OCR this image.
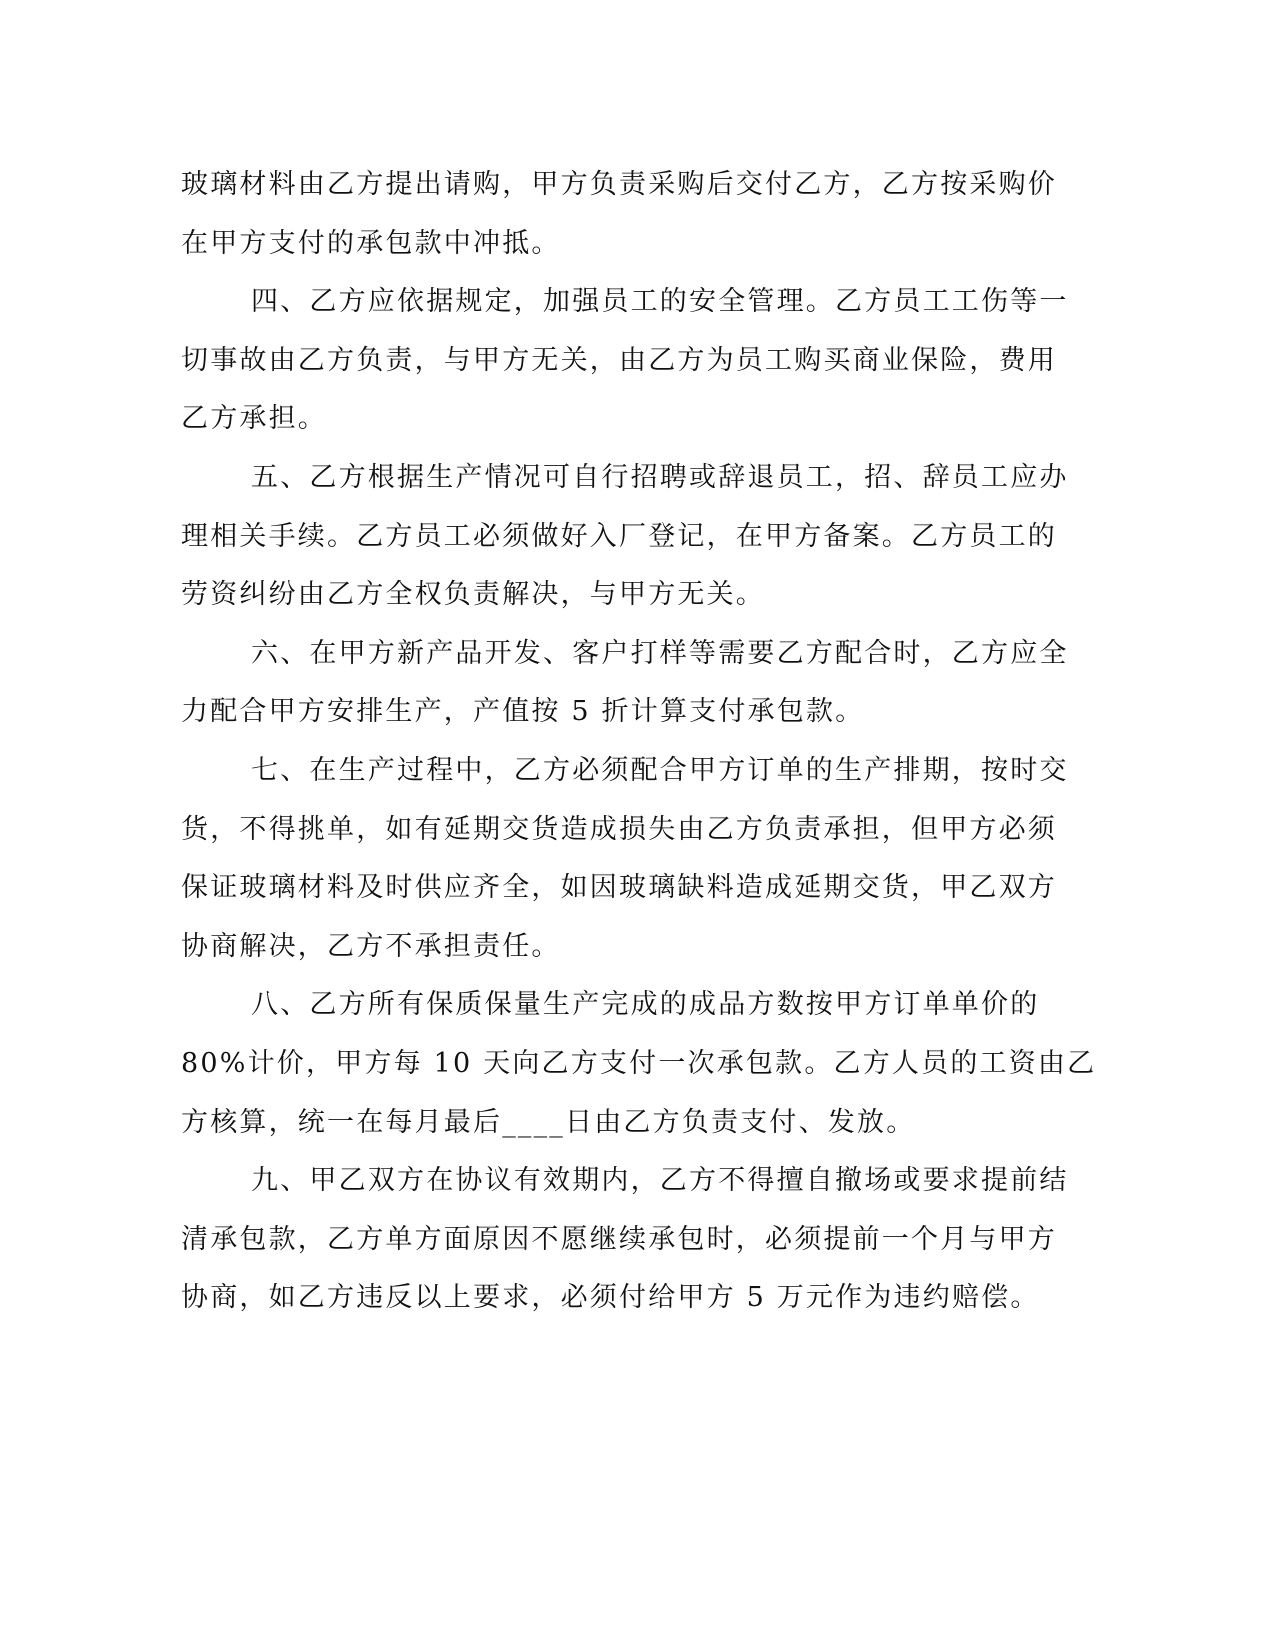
玻璃材料由乙方提出请购，甲方负责采购后交付乙方，乙方按采购价
在甲方支付的承包款中冲抵。
四、乙方应依据规定，加强员工的安全管理。乙方员工工伤等一
切事故由乙方负责，与甲方无关，由乙方为员工购买商业保险，费用
乙方承担。
五、乙方根据生产情况可自行招聘或辞退员工，招、辞员工应办
理相关手续。乙方员工必须做好入厂登记，在甲方备案。乙方员工的
劳资纠纷由乙方全权负责解决，与甲方无关。
六、在甲方新产品开发、客户打样等需要乙方配合时，乙方应全
力配合甲方安排生产，产值按 5 折计算支付承包款。
七、在生产过程中，乙方必须配合甲方订单的生产排期，按时交
货，不得挑单，如有延期交货造成损失由乙方负责承担，但甲方必须
保证玻璃材料及时供应齐全，如因玻璃缺料造成延期交货，甲乙双方
协商解决，乙方不承担责任。
八、乙方所有保质保量生产完成的成品方数按甲方订单单价的
80%计价，甲方每 10 天向乙方支付一次承包款。乙方人员的工资由乙
方核算，统一在每月最后____日由乙方负责支付、发放。
九、甲乙双方在协议有效期内，乙方不得擅自撤场或要求提前结
清承包款，乙方单方面原因不愿继续承包时，必须提前一个月与甲方
协商，如乙方违反以上要求，必须付给甲方 5 万元作为违约赔偿。
